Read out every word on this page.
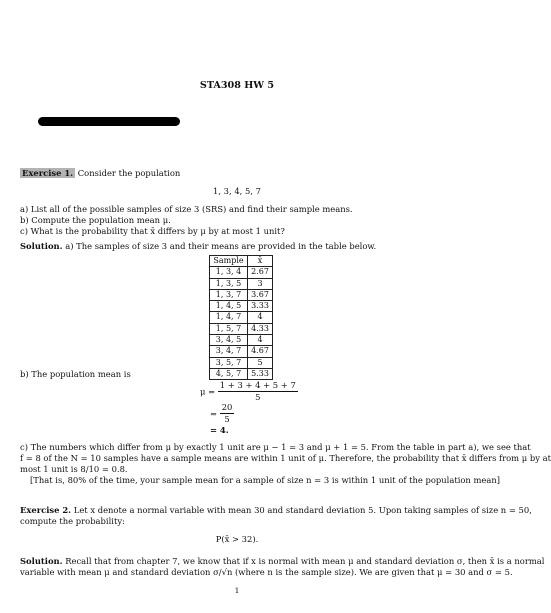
STA308 HW 5
Exercise 1. Consider the population
1, 3, 4, 5, 7
a) List all of the possible samples of size 3 (SRS) and find their sample means.
b) Compute the population mean μ.
c) What is the probability that x̄ differs by μ by at most 1 unit?
Solution. a) The samples of size 3 and their means are provided in the table below.
Sample	x̄
1, 3, 4	2.67
1, 3, 5	3
1, 3, 7	3.67
1, 4, 5	3.33
1, 4, 7	4
1, 5, 7	4.33
3, 4, 5	4
3, 4, 7	4.67
3, 5, 7	5
4, 5, 7	5.33
b) The population mean is
$\mu = \frac{1 + 3 + 4 + 5 + 7}{5}$
= $\frac{20}{5}$
= 4.
c) The numbers which differ from μ by exactly 1 unit are μ − 1 = 3 and μ + 1 = 5. From the table in part a), we see that
f = 8 of the N = 10 samples have a sample means are within 1 unit of μ. Therefore, the probability that x̄ differs from μ by at
most 1 unit is 8/10 = 0.8.
[That is, 80% of the time, your sample mean for a sample of size n = 3 is within 1 unit of the population mean]
Exercise 2. Let x denote a normal variable with mean 30 and standard deviation 5. Upon taking samples of size n = 50,
compute the probability:
P(x̄ > 32).
Solution. Recall that from chapter 7, we know that if x is normal with mean μ and standard deviation σ, then x̄ is a normal
variable with mean μ and standard deviation σ/√n (where n is the sample size). We are given that μ = 30 and σ = 5.
1
